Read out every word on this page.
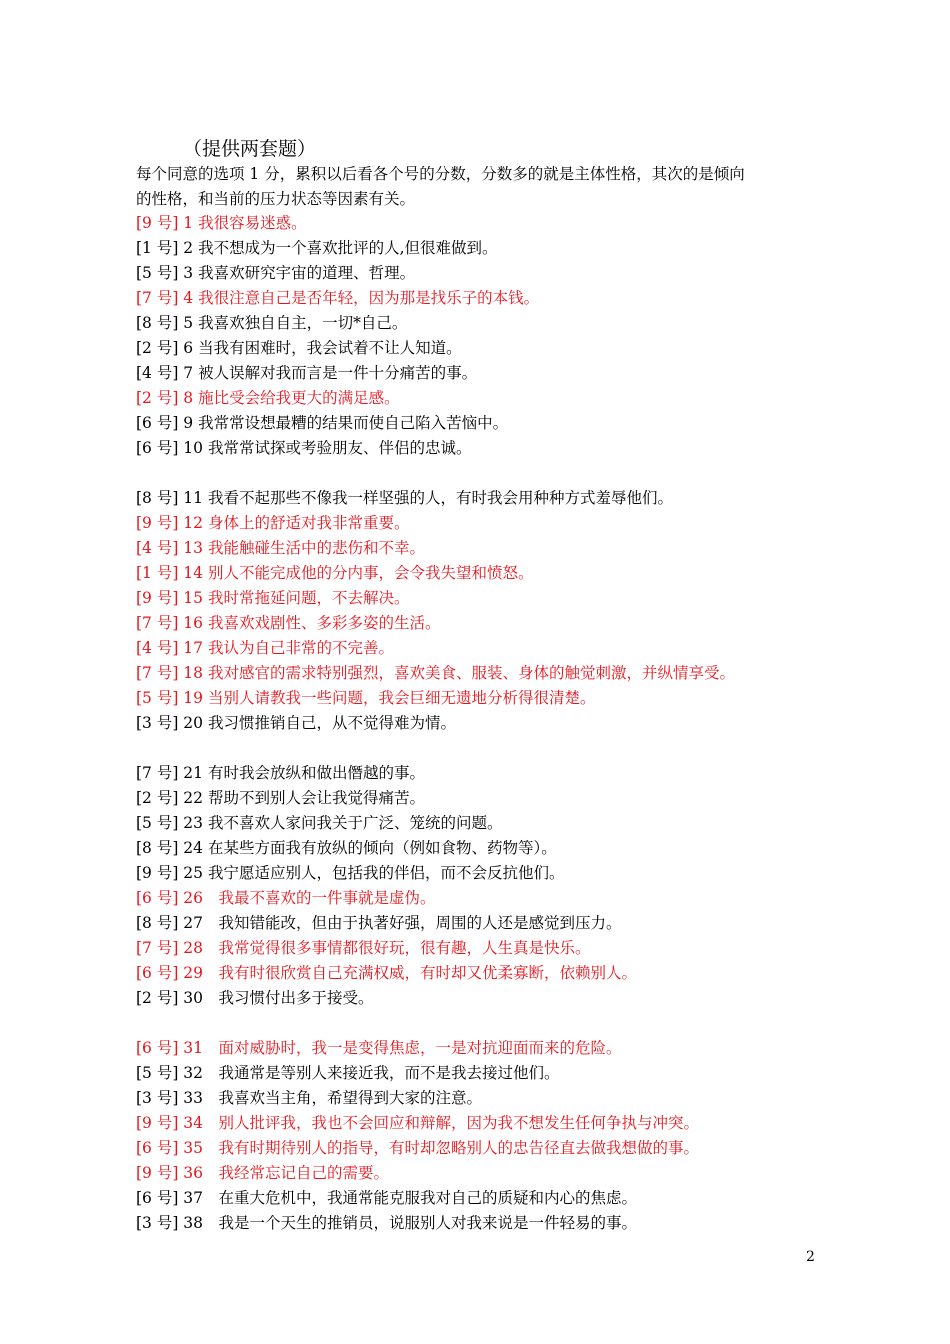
（提供两套题）
每个同意的选项 1 分，累积以后看各个号的分数，分数多的就是主体性格，其次的是倾向
的性格，和当前的压力状态等因素有关。
[9 号] 1 我很容易迷惑。
[1 号] 2 我不想成为一个喜欢批评的人,但很难做到。
[5 号] 3 我喜欢研究宇宙的道理、哲理。
[7 号] 4 我很注意自己是否年轻，因为那是找乐子的本钱。
[8 号] 5 我喜欢独自自主，一切*自己。
[2 号] 6 当我有困难时，我会试着不让人知道。
[4 号] 7 被人误解对我而言是一件十分痛苦的事。
[2 号] 8 施比受会给我更大的满足感。
[6 号] 9 我常常设想最糟的结果而使自己陷入苦恼中。
[6 号] 10 我常常试探或考验朋友、伴侣的忠诚。
[8 号] 11 我看不起那些不像我一样坚强的人，有时我会用种种方式羞辱他们。
[9 号] 12 身体上的舒适对我非常重要。
[4 号] 13 我能触碰生活中的悲伤和不幸。
[1 号] 14 别人不能完成他的分内事，会令我失望和愤怒。
[9 号] 15 我时常拖延问题，不去解决。
[7 号] 16 我喜欢戏剧性、多彩多姿的生活。
[4 号] 17 我认为自己非常的不完善。
[7 号] 18 我对感官的需求特别强烈，喜欢美食、服装、身体的触觉刺激，并纵情享受。
[5 号] 19 当别人请教我一些问题，我会巨细无遗地分析得很清楚。
[3 号] 20 我习惯推销自己，从不觉得难为情。
[7 号] 21 有时我会放纵和做出僭越的事。
[2 号] 22 帮助不到别人会让我觉得痛苦。
[5 号] 23 我不喜欢人家问我关于广泛、笼统的问题。
[8 号] 24 在某些方面我有放纵的倾向（例如食物、药物等）。
[9 号] 25 我宁愿适应别人，包括我的伴侣，而不会反抗他们。
[6 号] 26　我最不喜欢的一件事就是虚伪。
[8 号] 27　我知错能改，但由于执著好强，周围的人还是感觉到压力。
[7 号] 28　我常觉得很多事情都很好玩，很有趣，人生真是快乐。
[6 号] 29　我有时很欣赏自己充满权威，有时却又优柔寡断，依赖别人。
[2 号] 30　我习惯付出多于接受。
[6 号] 31　面对威胁时，我一是变得焦虑，一是对抗迎面而来的危险。
[5 号] 32　我通常是等别人来接近我，而不是我去接过他们。
[3 号] 33　我喜欢当主角，希望得到大家的注意。
[9 号] 34　别人批评我，我也不会回应和辩解，因为我不想发生任何争执与冲突。
[6 号] 35　我有时期待别人的指导，有时却忽略别人的忠告径直去做我想做的事。
[9 号] 36　我经常忘记自己的需要。
[6 号] 37　在重大危机中，我通常能克服我对自己的质疑和内心的焦虑。
[3 号] 38　我是一个天生的推销员，说服别人对我来说是一件轻易的事。
2
